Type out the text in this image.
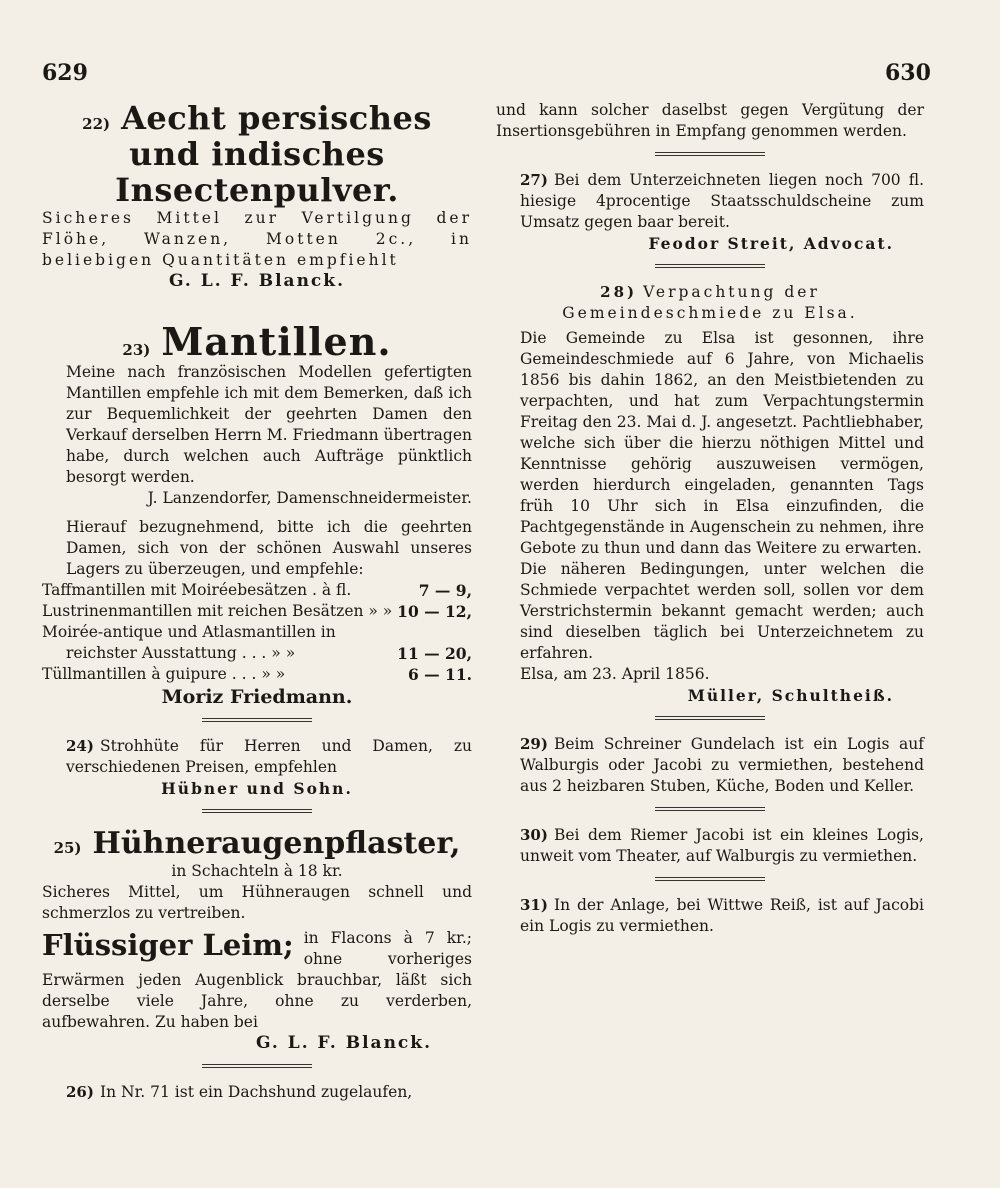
629	630

22) Aecht persisches und indisches

Insectenpulver.

Sicheres Mittel zur Vertilgung der Flöhe, Wanzen, Motten 2c., in beliebigen Quantitäten empfiehlt

G. L. F. Blanck.

23) Mantillen.

Meine nach französischen Modellen gefertigten Mantillen empfehle ich mit dem Bemerken, daß ich zur Bequemlichkeit der geehrten Damen den Verkauf derselben Herrn M. Friedmann übertragen habe, durch welchen auch Aufträge pünktlich besorgt werden.

J. Lanzendorfer, Damenschneidermeister.

Hierauf bezugnehmend, bitte ich die geehrten Damen, sich von der schönen Auswahl unseres Lagers zu überzeugen, und empfehle:

Taffmantillen mit Moiréebesätzen . à fl.	7 — 9,
Lustrinenmantillen mit reichen Besätzen » » 10 — 12,
Moirée-antique und Atlasmantillen in
reichster Ausstattung . . . » »	11 — 20,
Tüllmantillen à guipure . . . » »	6 — 11.

Moriz Friedmann.

24) Strohhüte für Herren und Damen, zu verschiedenen Preisen, empfehlen

Hübner und Sohn.

25) Hühneraugenpflaster,

in Schachteln à 18 kr.

Sicheres Mittel, um Hühneraugen schnell und schmerzlos zu vertreiben.

Flüssiger Leim; in Flacons à 7 kr.; ohne vorheriges Erwärmen jeden Augenblick brauchbar, läßt sich derselbe viele Jahre, ohne zu verderben, aufbewahren. Zu haben bei

G. L. F. Blanck.

26) In Nr. 71 ist ein Dachshund zugelaufen,

und kann solcher daselbst gegen Vergütung der Insertionsgebühren in Empfang genommen werden.

27) Bei dem Unterzeichneten liegen noch 700 fl. hiesige 4procentige Staatsschuldscheine zum Umsatz gegen baar bereit.

Feodor Streit, Advocat.

28) Verpachtung der Gemeindeschmiede zu Elsa.

Die Gemeinde zu Elsa ist gesonnen, ihre Gemeindeschmiede auf 6 Jahre, von Michaelis 1856 bis dahin 1862, an den Meistbietenden zu verpachten, und hat zum Verpachtungstermin Freitag den 23. Mai d. J. angesetzt. Pachtliebhaber, welche sich über die hierzu nöthigen Mittel und Kenntnisse gehörig auszuweisen vermögen, werden hierdurch eingeladen, genannten Tags früh 10 Uhr sich in Elsa einzufinden, die Pachtgegenstände in Augenschein zu nehmen, ihre Gebote zu thun und dann das Weitere zu erwarten.

Die näheren Bedingungen, unter welchen die Schmiede verpachtet werden soll, sollen vor dem Verstrichstermin bekannt gemacht werden; auch sind dieselben täglich bei Unterzeichnetem zu erfahren.

Elsa, am 23. April 1856.

Müller, Schultheiß.

29) Beim Schreiner Gundelach ist ein Logis auf Walburgis oder Jacobi zu vermiethen, bestehend aus 2 heizbaren Stuben, Küche, Boden und Keller.

30) Bei dem Riemer Jacobi ist ein kleines Logis, unweit vom Theater, auf Walburgis zu vermiethen.

31) In der Anlage, bei Wittwe Reiß, ist auf Jacobi ein Logis zu vermiethen.
